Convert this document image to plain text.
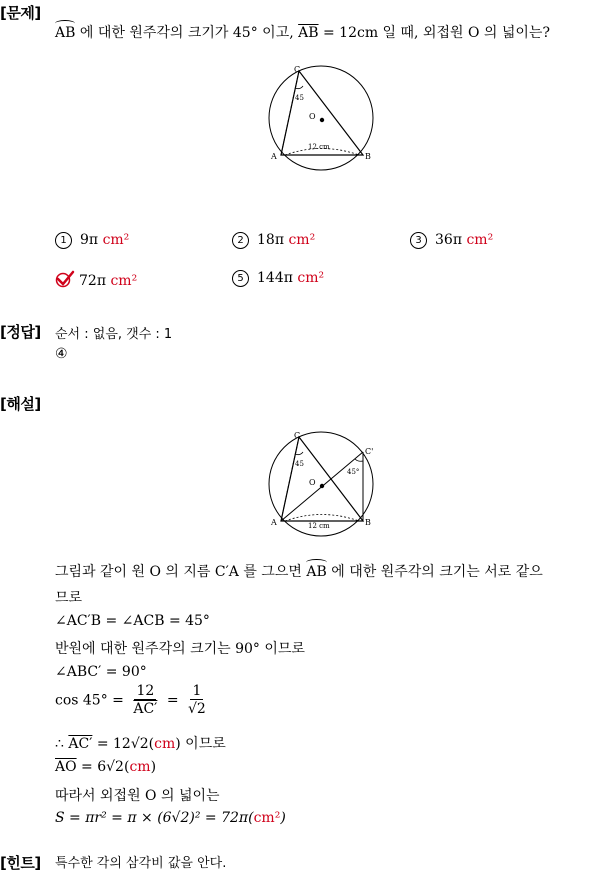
[문제]
AB 에 대한 원주각의 크기가 45° 이고, $\overline{AB} = 12cm$ 일 때, 외접원 O 의 넓이는?
C
A	B
O
45
12 cm
1 9π cm²	2 18π cm²	3 36π cm²
72π cm²	5 144π cm²
[정답] 순서 : 없음, 갯수 : 1
④
[해설]
C
C'
A	B
O
45
45°
12 cm
그림과 같이 원 O 의 지름 C′A 를 그으면 AB 에 대한 원주각의 크기는 서로 같으
므로
∠AC′B = ∠ACB = 45°
반원에 대한 원주각의 크기는 90° 이므로
∠ABC′ = 90°
$\cos 45^\circ = \frac{12}{AC'} = \frac{1}{√2}$
∴ AC′ = 12√2(cm) 이므로
$\overline{AO} = 6√2(cm)$
따라서 외접원 O 의 넓이는
S = πr² = π × (6√2)² = 72π(cm²)
[힌트] 특수한 각의 삼각비 값을 안다.
